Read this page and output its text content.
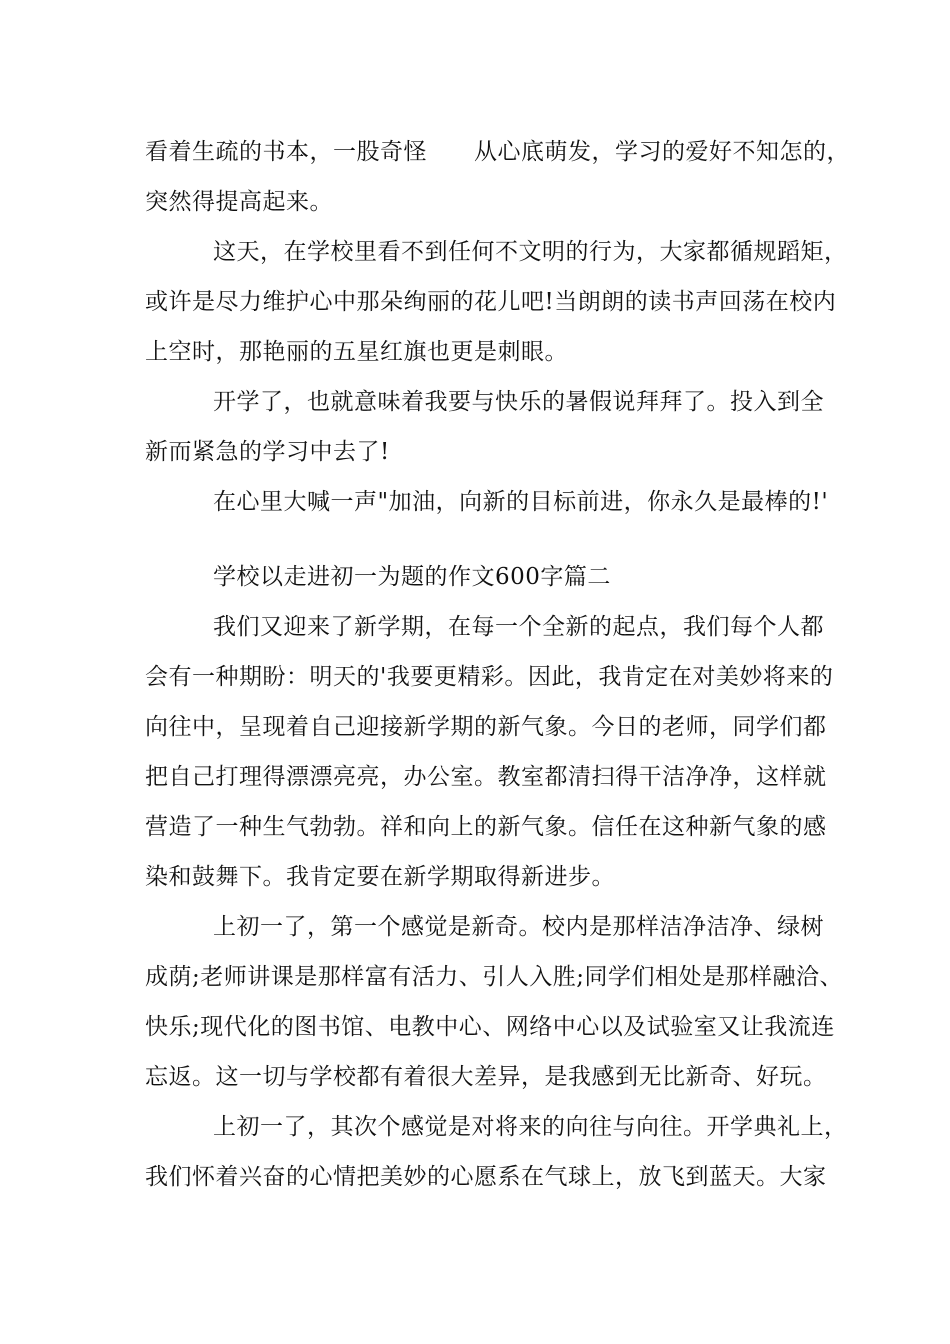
看着生疏的书本，一股奇怪　　从心底萌发，学习的爱好不知怎的，
突然得提高起来。
这天，在学校里看不到任何不文明的行为，大家都循规蹈矩，
或许是尽力维护心中那朵绚丽的花儿吧!当朗朗的读书声回荡在校内
上空时，那艳丽的五星红旗也更是刺眼。
开学了，也就意味着我要与快乐的暑假说拜拜了。投入到全
新而紧急的学习中去了!
在心里大喊一声"加油，向新的目标前进，你永久是最棒的!'
学校以走进初一为题的作文600字篇二
我们又迎来了新学期，在每一个全新的起点，我们每个人都
会有一种期盼：明天的'我要更精彩。因此，我肯定在对美妙将来的
向往中，呈现着自己迎接新学期的新气象。今日的老师，同学们都
把自己打理得漂漂亮亮，办公室。教室都清扫得干洁净净，这样就
营造了一种生气勃勃。祥和向上的新气象。信任在这种新气象的感
染和鼓舞下。我肯定要在新学期取得新进步。
上初一了，第一个感觉是新奇。校内是那样洁净洁净、绿树
成荫;老师讲课是那样富有活力、引人入胜;同学们相处是那样融洽、
快乐;现代化的图书馆、电教中心、网络中心以及试验室又让我流连
忘返。这一切与学校都有着很大差异，是我感到无比新奇、好玩。
上初一了，其次个感觉是对将来的向往与向往。开学典礼上，
我们怀着兴奋的心情把美妙的心愿系在气球上，放飞到蓝天。大家
